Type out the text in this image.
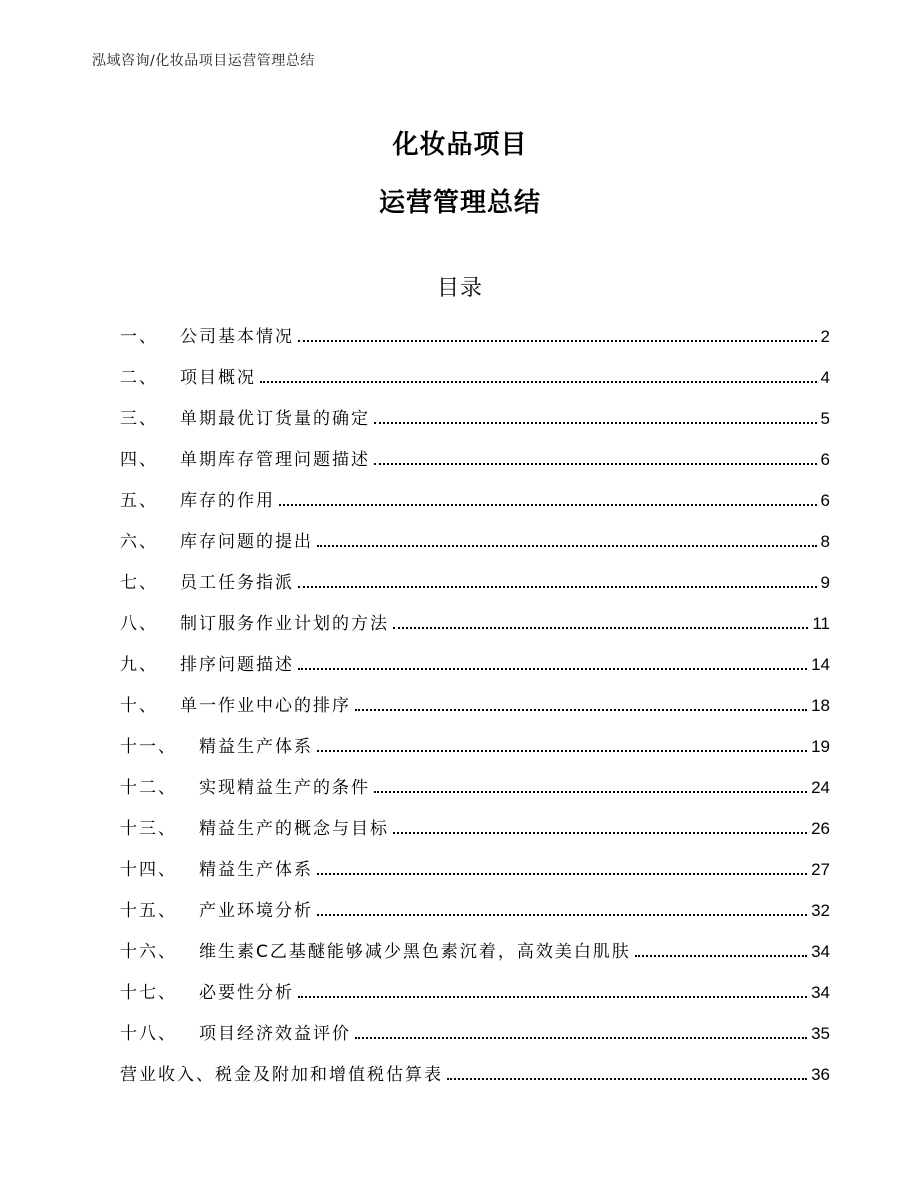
泓域咨询/化妆品项目运营管理总结
化妆品项目
运营管理总结
目录
一、 公司基本情况	2
二、 项目概况	4
三、 单期最优订货量的确定	5
四、 单期库存管理问题描述	6
五、 库存的作用	6
六、 库存问题的提出	8
七、 员工任务指派	9
八、 制订服务作业计划的方法	11
九、 排序问题描述	14
十、 单一作业中心的排序	18
十一、 精益生产体系	19
十二、 实现精益生产的条件	24
十三、 精益生产的概念与目标	26
十四、 精益生产体系	27
十五、 产业环境分析	32
十六、 维生素C乙基醚能够减少黑色素沉着，高效美白肌肤	34
十七、 必要性分析	34
十八、 项目经济效益评价	35
营业收入、税金及附加和增值税估算表	36
